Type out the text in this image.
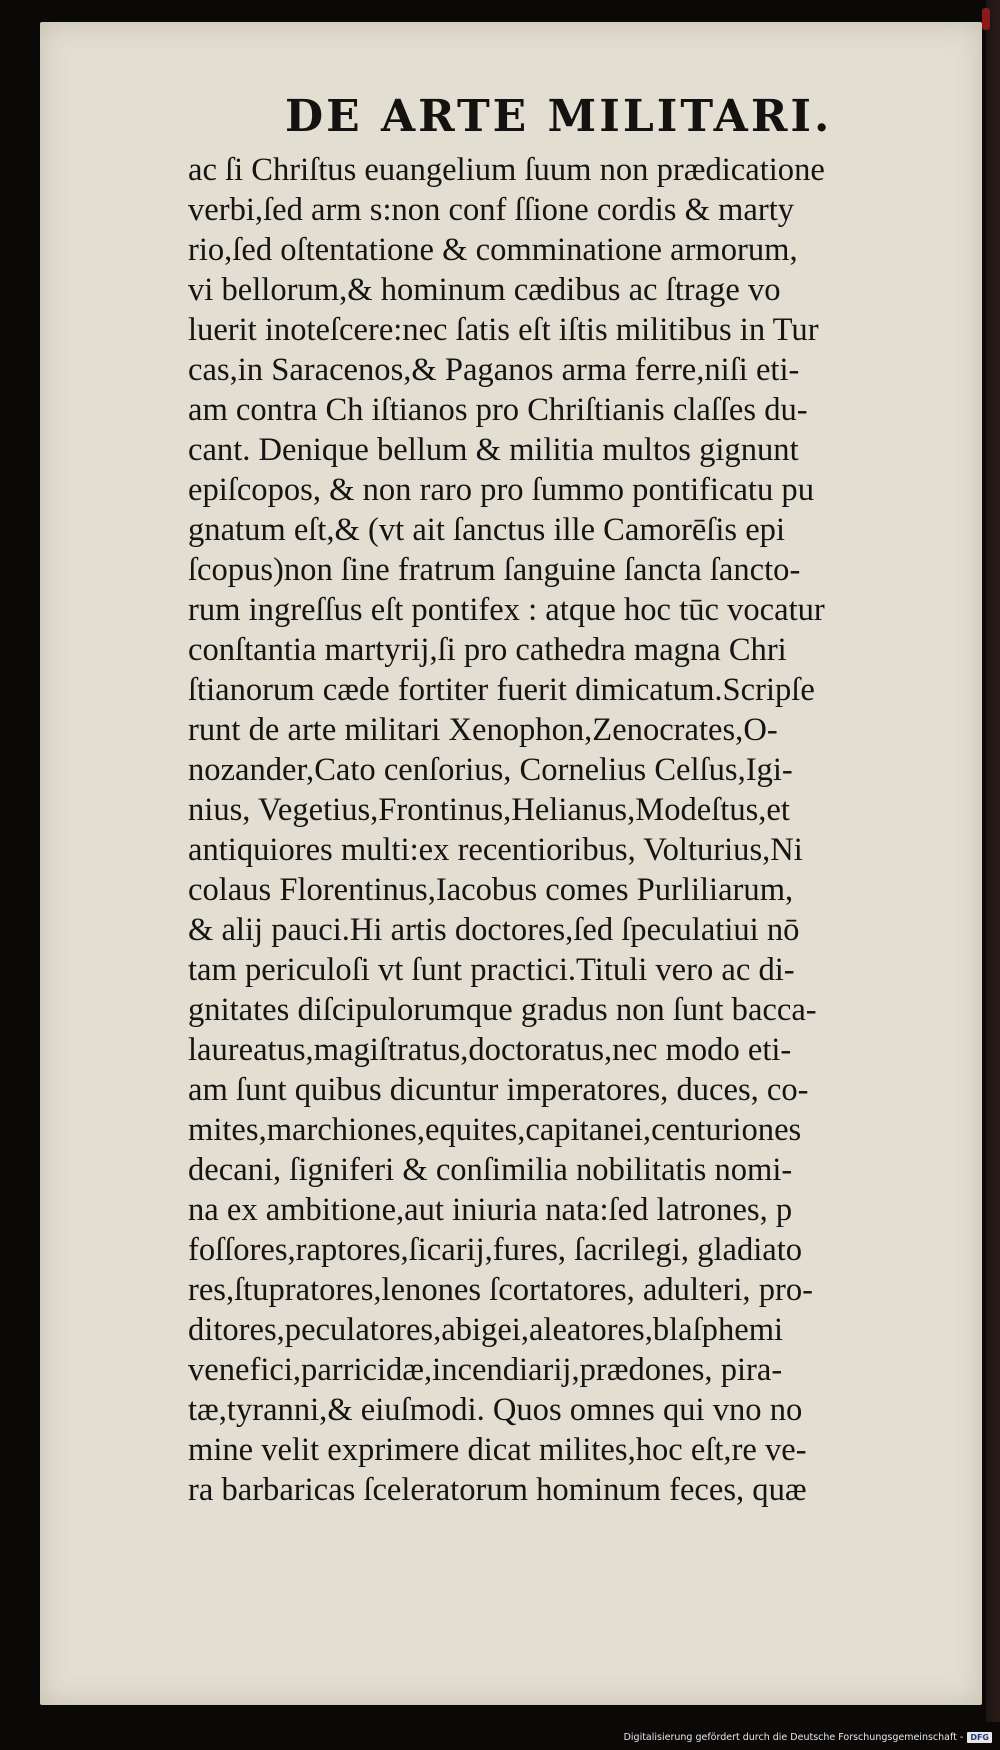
DE ARTE MILITARI.
ac ſi Chriſtus euangelium ſuum non prædicatione
verbi,ſed arm s:non conf ſſione cordis & marty
rio,ſed oſtentatione & comminatione armorum,
vi bellorum,& hominum cædibus ac ſtrage vo
luerit inoteſcere:nec ſatis eſt iſtis militibus in Tur
cas,in Saracenos,& Paganos arma ferre,niſi eti-
am contra Ch iſtianos pro Chriſtianis claſſes du-
cant. Denique bellum & militia multos gignunt
epiſcopos, & non raro pro ſummo pontificatu pu
gnatum eſt,& (vt ait ſanctus ille Camorēſis epi
ſcopus)non ſine fratrum ſanguine ſancta ſancto-
rum ingreſſus eſt pontifex : atque hoc tūc vocatur
conſtantia martyrij,ſi pro cathedra magna Chri
ſtianorum cæde fortiter fuerit dimicatum.Scripſe
runt de arte militari Xenophon,Zenocrates,O-
nozander,Cato cenſorius, Cornelius Celſus,Igi-
nius, Vegetius,Frontinus,Helianus,Modeſtus,et
antiquiores multi:ex recentioribus, Volturius,Ni
colaus Florentinus,Iacobus comes Purliliarum,
& alij pauci.Hi artis doctores,ſed ſpeculatiui nō
tam periculoſi vt ſunt practici.Tituli vero ac di-
gnitates diſcipulorumque gradus non ſunt bacca-
laureatus,magiſtratus,doctoratus,nec modo eti-
am ſunt quibus dicuntur imperatores, duces, co-
mites,marchiones,equites,capitanei,centuriones
decani, ſigniferi & conſimilia nobilitatis nomi-
na ex ambitione,aut iniuria nata:ſed latrones, p
foſſores,raptores,ſicarij,fures, ſacrilegi, gladiato
res,ſtupratores,lenones ſcortatores, adulteri, pro-
ditores,peculatores,abigei,aleatores,blaſphemi
venefici,parricidæ,incendiarij,prædones, pira-
tæ,tyranni,& eiuſmodi. Quos omnes qui vno no
mine velit exprimere dicat milites,hoc eſt,re ve-
ra barbaricas ſceleratorum hominum feces, quæ
Digitalisierung gefördert durch die Deutsche Forschungsgemeinschaft - DFG
